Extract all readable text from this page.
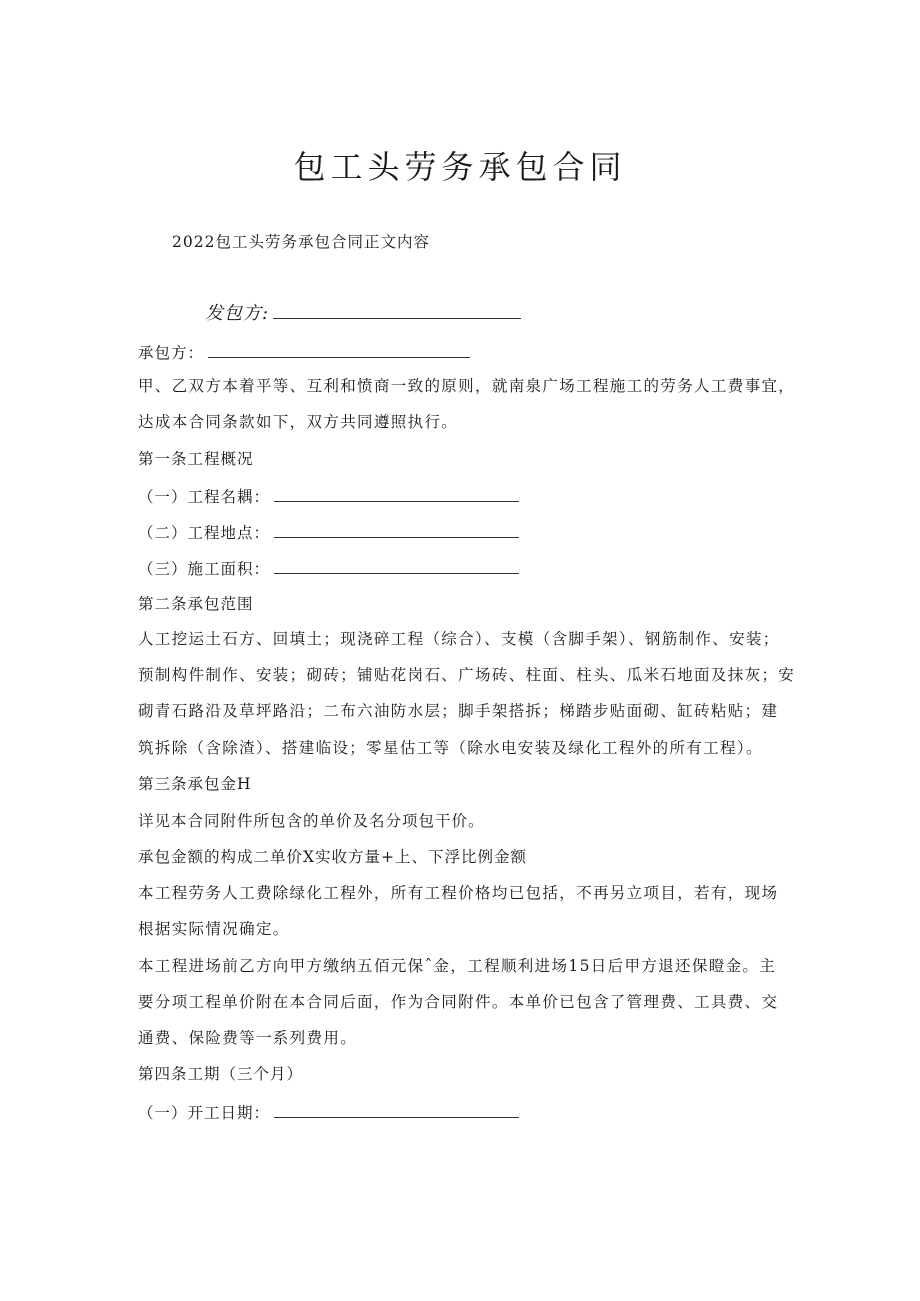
包工头劳务承包合同
2022包工头劳务承包合同正文内容
发包方:
承包方：
甲、乙双方本着平等、互利和愤商一致的原则，就南泉广场工程施工的劳务人工费事宜，
达成本合同条款如下，双方共同遵照执行。
第一条工程概况
（一）工程名耦：
（二）工程地点：
（三）施工面积：
第二条承包范围
人工挖运土石方、回填土；现浇碎工程（综合）、支模（含脚手架）、钢筋制作、安装；
预制构件制作、安装；砌砖；铺贴花岗石、广场砖、柱面、柱头、瓜米石地面及抹灰；安
砌青石路沿及草坪路沿；二布六油防水层；脚手架搭拆；梯踏步贴面砌、缸砖粘贴；建
筑拆除（含除渣）、搭建临设；零星估工等（除水电安装及绿化工程外的所有工程）。
第三条承包金H
详见本合同附件所包含的单价及名分项包干价。
承包金额的构成二单价X实收方量+上、下浮比例金额
本工程劳务人工费除绿化工程外，所有工程价格均已包括，不再另立项目，若有，现场
根据实际情况确定。
本工程进场前乙方向甲方缴纳五佰元保ˆ金，工程顺利进场15日后甲方退还保瞪金。主
要分项工程单价附在本合同后面，作为合同附件。本单价已包含了管理费、工具费、交
通费、保险费等一系列费用。
第四条工期（三个月）
（一）开工日期：
